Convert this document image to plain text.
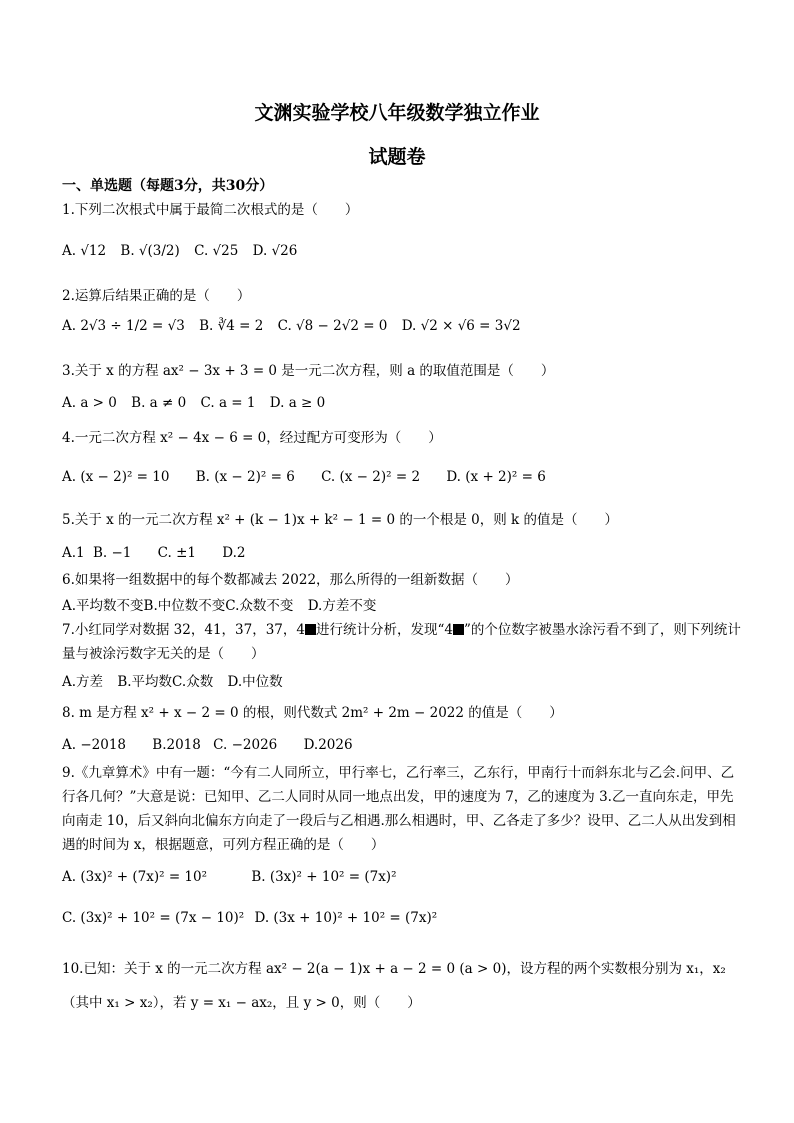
文渊实验学校八年级数学独立作业
试题卷
一、单选题（每题3分，共30分）
1.下列二次根式中属于最简二次根式的是（　　）
A. √12 B. √(3/2) C. √25 D. √26
2.运算后结果正确的是（　　）
A. 2√3 ÷ 1/2 = √3 B. ∛4 = 2 C. √8 − 2√2 = 0 D. √2 × √6 = 3√2
3.关于 x 的方程 ax² − 3x + 3 = 0 是一元二次方程，则 a 的取值范围是（　　）
A. a > 0 B. a ≠ 0 C. a = 1 D. a ≥ 0
4.一元二次方程 x² − 4x − 6 = 0，经过配方可变形为（　　）
A. (x − 2)² = 10 B. (x − 2)² = 6 C. (x − 2)² = 2 D. (x + 2)² = 6
5.关于 x 的一元二次方程 x² + (k − 1)x + k² − 1 = 0 的一个根是 0，则 k 的值是（　　）
A.1 B. −1 C. ±1 D.2
6.如果将一组数据中的每个数都减去 2022，那么所得的一组新数据（　　）
A.平均数不变B.中位数不变C.众数不变 D.方差不变
7.小红同学对数据 32，41，37，37，4 进行统计分析，发现“4 ”的个位数字被墨水涂污看不到了，则下列统计量与被涂污数字无关的是（　　）
A.方差 B.平均数C.众数 D.中位数
8. m 是方程 x² + x − 2 = 0 的根，则代数式 2m² + 2m − 2022 的值是（　　）
A. −2018 B.2018 C. −2026 D.2026
9.《九章算术》中有一题：“今有二人同所立，甲行率七，乙行率三，乙东行，甲南行十而斜东北与乙会.问甲、乙行各几何？”大意是说：已知甲、乙二人同时从同一地点出发，甲的速度为 7，乙的速度为 3.乙一直向东走，甲先向南走 10，后又斜向北偏东方向走了一段后与乙相遇.那么相遇时，甲、乙各走了多少？设甲、乙二人从出发到相遇的时间为 x，根据题意，可列方程正确的是（　　）
A. (3x)² + (7x)² = 10²	B. (3x)² + 10² = (7x)²
C. (3x)² + 10² = (7x − 10)² D. (3x + 10)² + 10² = (7x)²
10.已知：关于 x 的一元二次方程 ax² − 2(a − 1)x + a − 2 = 0 (a > 0)，设方程的两个实数根分别为 x₁，x₂（其中 x₁ > x₂），若 y = x₁ − ax₂，且 y > 0，则（　　）
